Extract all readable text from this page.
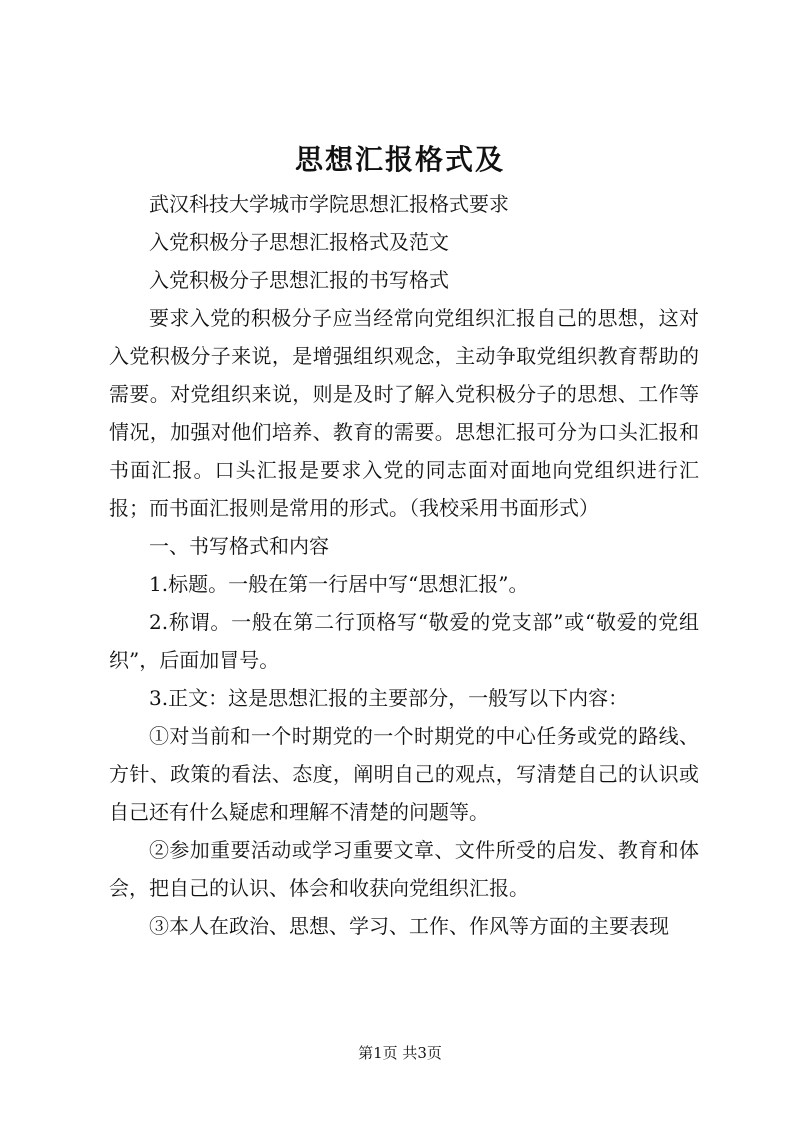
思想汇报格式及

武汉科技大学城市学院思想汇报格式要求

入党积极分子思想汇报格式及范文

入党积极分子思想汇报的书写格式

要求入党的积极分子应当经常向党组织汇报自己的思想，这对入党积极分子来说，是增强组织观念，主动争取党组织教育帮助的需要。对党组织来说，则是及时了解入党积极分子的思想、工作等情况，加强对他们培养、教育的需要。思想汇报可分为口头汇报和书面汇报。口头汇报是要求入党的同志面对面地向党组织进行汇报；而书面汇报则是常用的形式。（我校采用书面形式）

一、书写格式和内容

1.标题。一般在第一行居中写“思想汇报”。

2.称谓。一般在第二行顶格写“敬爱的党支部”或“敬爱的党组织”，后面加冒号。

3.正文：这是思想汇报的主要部分，一般写以下内容：

①对当前和一个时期党的一个时期党的中心任务或党的路线、方针、政策的看法、态度，阐明自己的观点，写清楚自己的认识或自己还有什么疑虑和理解不清楚的问题等。

②参加重要活动或学习重要文章、文件所受的启发、教育和体会，把自己的认识、体会和收获向党组织汇报。

③本人在政治、思想、学习、工作、作风等方面的主要表现

第1页 共3页
